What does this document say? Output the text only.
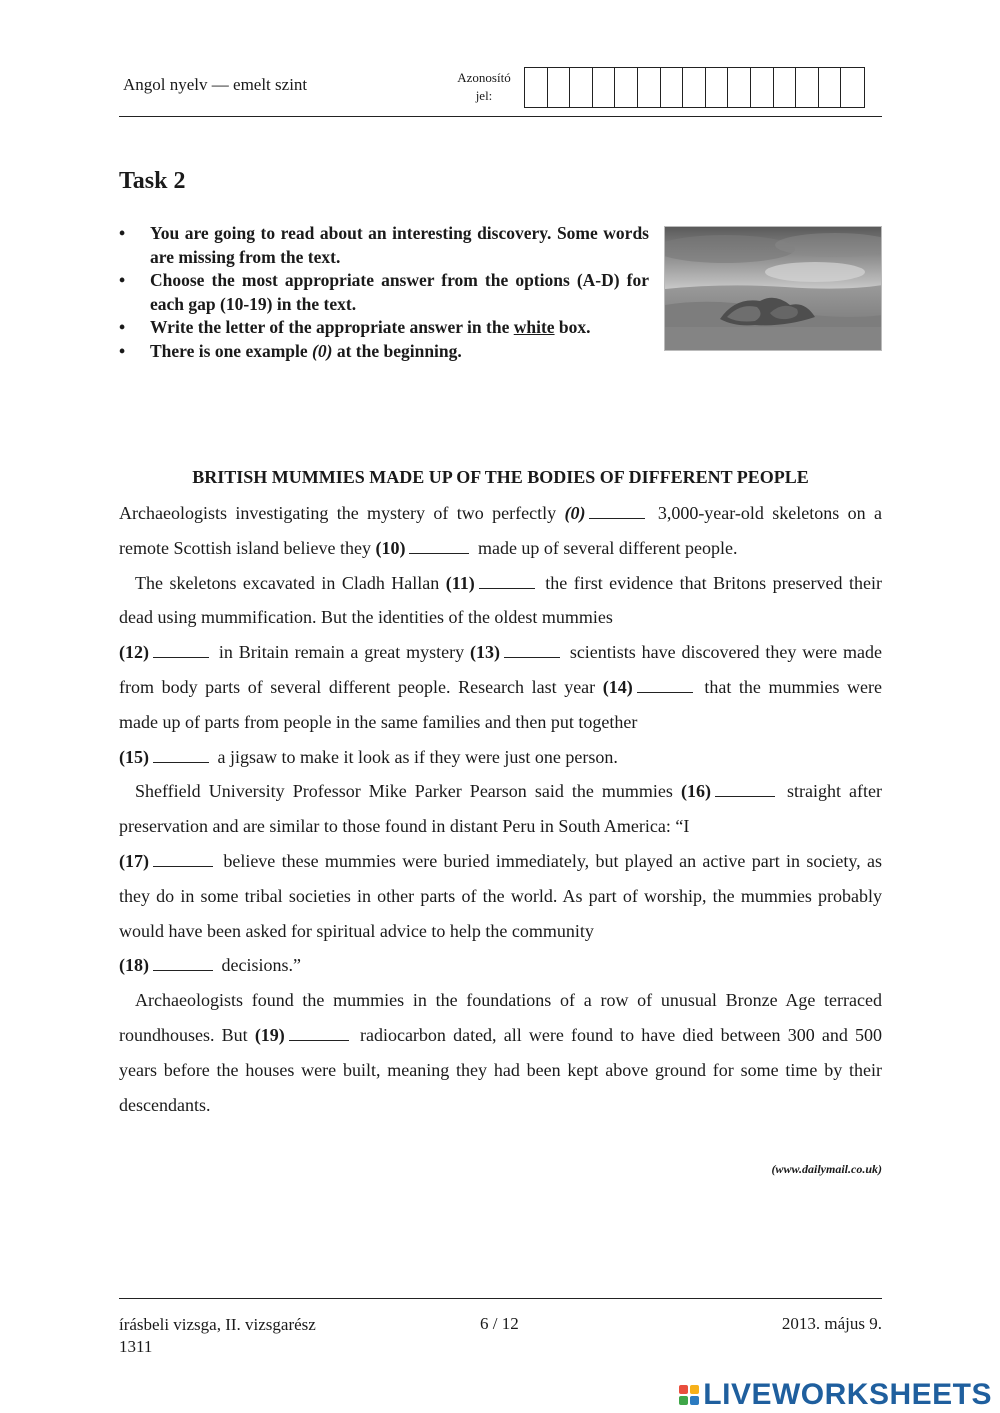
Angol nyelv — emelt szint	Azonosító
jel:
Task 2
• You are going to read about an interesting discovery. Some words are missing from the text.
• Choose the most appropriate answer from the options (A-D) for each gap (10-19) in the text.
• Write the letter of the appropriate answer in the white box.
• There is one example (0) at the beginning.
BRITISH MUMMIES MADE UP OF THE BODIES OF DIFFERENT PEOPLE

Archaeologists investigating the mystery of two perfectly (0)	3,000-year-old skeletons on a remote Scottish island believe they (10)	made up of several different people.

The skeletons excavated in Cladh Hallan (11)	the first evidence that Britons preserved their dead using mummification. But the identities of the oldest mummies
(12)	in Britain remain a great mystery (13)	scientists have discovered they were made from body parts of several different people. Research last year (14)	that the mummies were made up of parts from people in the same families and then put together
(15)	a jigsaw to make it look as if they were just one person.

Sheffield University Professor Mike Parker Pearson said the mummies (16)	straight after preservation and are similar to those found in distant Peru in South America: “I
(17)	believe these mummies were buried immediately, but played an active part in society, as they do in some tribal societies in other parts of the world. As part of worship, the mummies probably would have been asked for spiritual advice to help the community
(18)	decisions.”

Archaeologists found the mummies in the foundations of a row of unusual Bronze Age terraced roundhouses. But (19)	radiocarbon dated, all were found to have died between 300 and 500 years before the houses were built, meaning they had been kept above ground for some time by their descendants.

(www.dailymail.co.uk)
írásbeli vizsga, II. vizsgarész
1311
6 / 12	2013. május 9.
LIVEWORKSHEETS
